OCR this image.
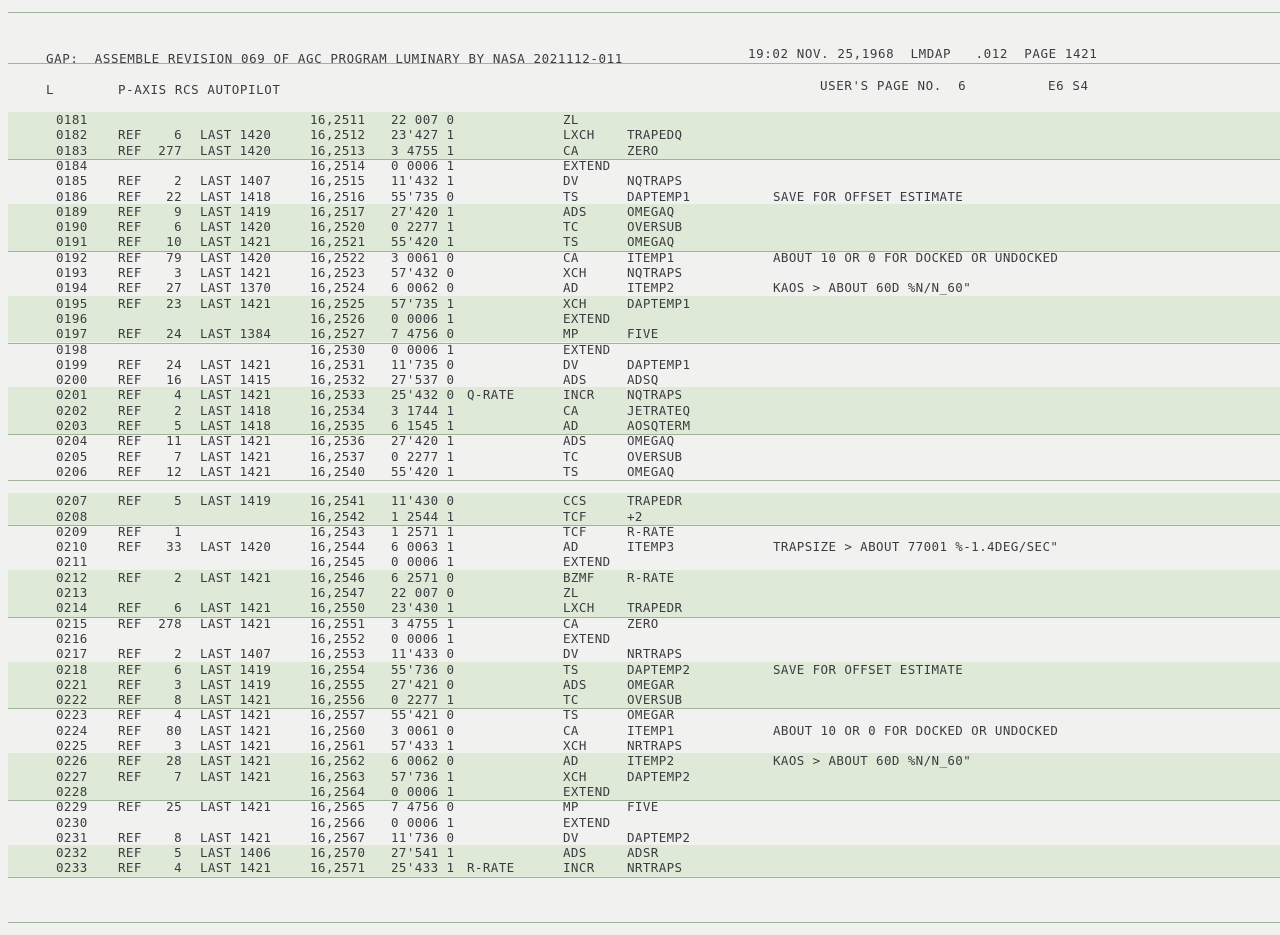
GAP:  ASSEMBLE REVISION 069 OF AGC PROGRAM LUMINARY BY NASA 2021112-011	19:02 NOV. 25,1968  LMDAP   .012  PAGE 1421
L	P-AXIS RCS AUTOPILOT	USER'S PAGE NO.  6	E6 S4
0181	16,2511 22 007 0	ZL
0182 REF	6 LAST 1420	16,2512 23'427 1	LXCH	TRAPEDQ
0183 REF	277 LAST 1420	16,2513 3 4755 1	CA	ZERO
0184	16,2514 0 0006 1	EXTEND
0185 REF	2 LAST 1407	16,2515 11'432 1	DV	NQTRAPS
0186 REF	22 LAST 1418	16,2516 55'735 0	TS	DAPTEMP1	SAVE FOR OFFSET ESTIMATE
0189 REF	9 LAST 1419	16,2517 27'420 1	ADS	OMEGAQ
0190 REF	6 LAST 1420	16,2520 0 2277 1	TC	OVERSUB
0191 REF	10 LAST 1421	16,2521 55'420 1	TS	OMEGAQ
0192 REF	79 LAST 1420	16,2522 3 0061 0	CA	ITEMP1	ABOUT 10 OR 0 FOR DOCKED OR UNDOCKED
0193 REF	3 LAST 1421	16,2523 57'432 0	XCH	NQTRAPS
0194 REF	27 LAST 1370	16,2524 6 0062 0	AD	ITEMP2	KAOS > ABOUT 60D %N/N_60"
0195 REF	23 LAST 1421	16,2525 57'735 1	XCH	DAPTEMP1
0196	16,2526 0 0006 1	EXTEND
0197 REF	24 LAST 1384	16,2527 7 4756 0	MP	FIVE
0198	16,2530 0 0006 1	EXTEND
0199 REF	24 LAST 1421	16,2531 11'735 0	DV	DAPTEMP1
0200 REF	16 LAST 1415	16,2532 27'537 0	ADS	ADSQ
0201 REF	4 LAST 1421	16,2533 25'432 0 Q-RATE	INCR	NQTRAPS
0202 REF	2 LAST 1418	16,2534 3 1744 1	CA	JETRATEQ
0203 REF	5 LAST 1418	16,2535 6 1545 1	AD	AOSQTERM
0204 REF	11 LAST 1421	16,2536 27'420 1	ADS	OMEGAQ
0205 REF	7 LAST 1421	16,2537 0 2277 1	TC	OVERSUB
0206 REF	12 LAST 1421	16,2540 55'420 1	TS	OMEGAQ
0207 REF	5 LAST 1419	16,2541 11'430 0	CCS	TRAPEDR
0208	16,2542 1 2544 1	TCF	+2
0209 REF	1	16,2543 1 2571 1	TCF	R-RATE
0210 REF	33 LAST 1420	16,2544 6 0063 1	AD	ITEMP3	TRAPSIZE > ABOUT 77001 %-1.4DEG/SEC"
0211	16,2545 0 0006 1	EXTEND
0212 REF	2 LAST 1421	16,2546 6 2571 0	BZMF	R-RATE
0213	16,2547 22 007 0	ZL
0214 REF	6 LAST 1421	16,2550 23'430 1	LXCH	TRAPEDR
0215 REF	278 LAST 1421	16,2551 3 4755 1	CA	ZERO
0216	16,2552 0 0006 1	EXTEND
0217 REF	2 LAST 1407	16,2553 11'433 0	DV	NRTRAPS
0218 REF	6 LAST 1419	16,2554 55'736 0	TS	DAPTEMP2	SAVE FOR OFFSET ESTIMATE
0221 REF	3 LAST 1419	16,2555 27'421 0	ADS	OMEGAR
0222 REF	8 LAST 1421	16,2556 0 2277 1	TC	OVERSUB
0223 REF	4 LAST 1421	16,2557 55'421 0	TS	OMEGAR
0224 REF	80 LAST 1421	16,2560 3 0061 0	CA	ITEMP1	ABOUT 10 OR 0 FOR DOCKED OR UNDOCKED
0225 REF	3 LAST 1421	16,2561 57'433 1	XCH	NRTRAPS
0226 REF	28 LAST 1421	16,2562 6 0062 0	AD	ITEMP2	KAOS > ABOUT 60D %N/N_60"
0227 REF	7 LAST 1421	16,2563 57'736 1	XCH	DAPTEMP2
0228	16,2564 0 0006 1	EXTEND
0229 REF	25 LAST 1421	16,2565 7 4756 0	MP	FIVE
0230	16,2566 0 0006 1	EXTEND
0231 REF	8 LAST 1421	16,2567 11'736 0	DV	DAPTEMP2
0232 REF	5 LAST 1406	16,2570 27'541 1	ADS	ADSR
0233 REF	4 LAST 1421	16,2571 25'433 1 R-RATE	INCR	NRTRAPS
